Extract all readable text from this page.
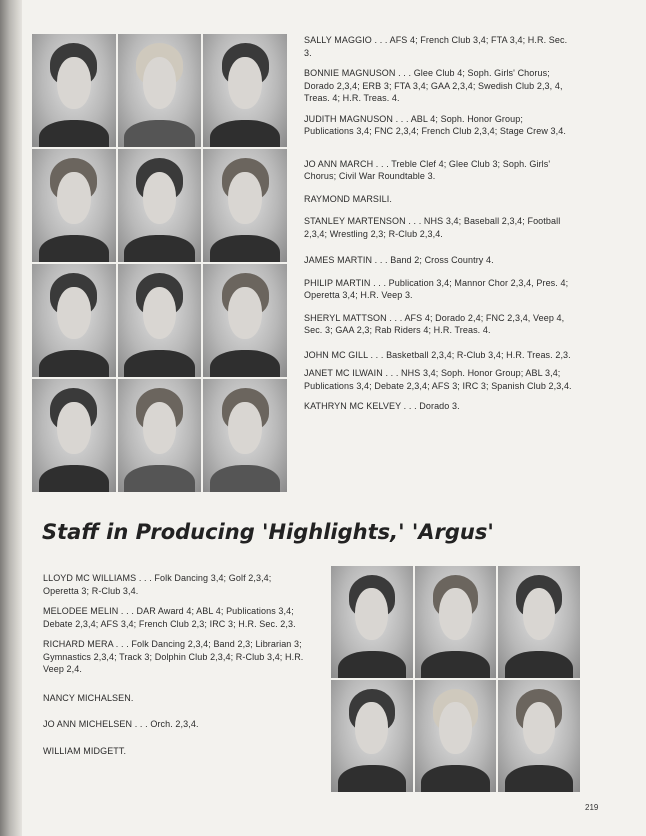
SALLY MAGGIO . . . AFS 4; French Club 3,4; FTA 3,4; H.R. Sec. 3.

BONNIE MAGNUSON . . . Glee Club 4; Soph. Girls' Chorus; Dorado 2,3,4; ERB 3; FTA 3,4; GAA 2,3,4; Swedish Club 2,3, 4, Treas. 4; H.R. Treas. 4.

JUDITH MAGNUSON . . . ABL 4; Soph. Honor Group; Publications 3,4; FNC 2,3,4; French Club 2,3,4; Stage Crew 3,4.

JO ANN MARCH . . . Treble Clef 4; Glee Club 3; Soph. Girls' Chorus; Civil War Roundtable 3.

RAYMOND MARSILI.

STANLEY MARTENSON . . . NHS 3,4; Baseball 2,3,4; Football 2,3,4; Wrestling 2,3; R-Club 2,3,4.

JAMES MARTIN . . . Band 2; Cross Country 4.

PHILIP MARTIN . . . Publication 3,4; Mannor Chor 2,3,4, Pres. 4; Operetta 3,4; H.R. Veep 3.

SHERYL MATTSON . . . AFS 4; Dorado 2,4; FNC 2,3,4, Veep 4, Sec. 3; GAA 2,3; Rab Riders 4; H.R. Treas. 4.

JOHN MC GILL . . . Basketball 2,3,4; R-Club 3,4; H.R. Treas. 2,3.

JANET MC ILWAIN . . . NHS 3,4; Soph. Honor Group; ABL 3,4; Publications 3,4; Debate 2,3,4; AFS 3; IRC 3; Spanish Club 2,3,4.

KATHRYN MC KELVEY . . . Dorado 3.

Staff in Producing 'Highlights,' 'Argus'

LLOYD MC WILLIAMS . . . Folk Dancing 3,4; Golf 2,3,4; Operetta 3; R-Club 3,4.

MELODEE MELIN . . . DAR Award 4; ABL 4; Publications 3,4; Debate 2,3,4; AFS 3,4; French Club 2,3; IRC 3; H.R. Sec. 2,3.

RICHARD MERA . . . Folk Dancing 2,3,4; Band 2,3; Librarian 3; Gymnastics 2,3,4; Track 3; Dolphin Club 2,3,4; R-Club 3,4; H.R. Veep 2,4.

NANCY MICHALSEN.

JO ANN MICHELSEN . . . Orch. 2,3,4.

WILLIAM MIDGETT.

219
